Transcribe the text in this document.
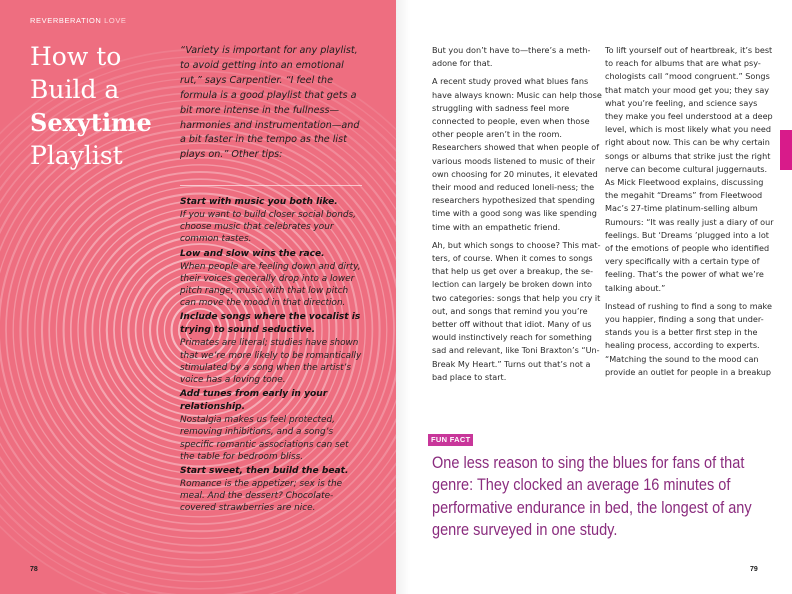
REVERBERATION LOVE
How to
Build a
Sexytime
Playlist
“Variety is important for any playlist, to avoid getting into an emotional rut,” says Carpentier. “I feel the formula is a good playlist that gets a bit more intense in the fullness—harmonies and instrumentation—and a bit faster in the tempo as the list plays on.” Other tips:
Start with music you both like.
If you want to build closer social bonds, choose music that celebrates your common tastes.
Low and slow wins the race.
When people are feeling down and dirty, their voices generally drop into a lower pitch range; music with that low pitch can move the mood in that direction.
Include songs where the vocalist is trying to sound seductive.
Primates are literal; studies have shown that we’re more likely to be romantically stimulated by a song when the artist’s voice has a loving tone.
Add tunes from early in your relationship.
Nostalgia makes us feel protected, removing inhibitions, and a song’s specific romantic associations can set the table for bedroom bliss.
Start sweet, then build the beat.
Romance is the appetizer; sex is the meal. And the dessert? Chocolate-covered strawberries are nice.
78

But you don’t have to—there’s a meth-adone for that.

A recent study proved what blues fans have always known: Music can help those struggling with sadness feel more connected to people, even when those other people aren’t in the room. Researchers showed that when people of various moods listened to music of their own choosing for 20 minutes, it elevated their mood and reduced loneli-ness; the researchers hypothesized that spending time with a good song was like spending time with an empathetic friend.

Ah, but which songs to choose? This mat-ters, of course. When it comes to songs that help us get over a breakup, the se-lection can largely be broken down into two categories: songs that help you cry it out, and songs that remind you you’re better off without that idiot. Many of us would instinctively reach for something sad and relevant, like Toni Braxton’s “Un-Break My Heart.” Turns out that’s not a bad place to start.

To lift yourself out of heartbreak, it’s best to reach for albums that are what psy-chologists call “mood congruent.” Songs that match your mood get you; they say what you’re feeling, and science says they make you feel understood at a deep level, which is most likely what you need right about now. This can be why certain songs or albums that strike just the right nerve can become cultural juggernauts. As Mick Fleetwood explains, discussing the megahit “Dreams” from Fleetwood Mac’s 27-time platinum-selling album Rumours: “It was really just a diary of our feelings. But ‘Dreams ’plugged into a lot of the emotions of people who identified very specifically with a certain type of feeling. That’s the power of what we’re talking about.”

Instead of rushing to find a song to make you happier, finding a song that under-stands you is a better first step in the healing process, according to experts. “Matching the sound to the mood can provide an outlet for people in a breakup

FUN FACT
One less reason to sing the blues for fans of that genre: They clocked an average 16 minutes of performative endurance in bed, the longest of any genre surveyed in one study.
79
